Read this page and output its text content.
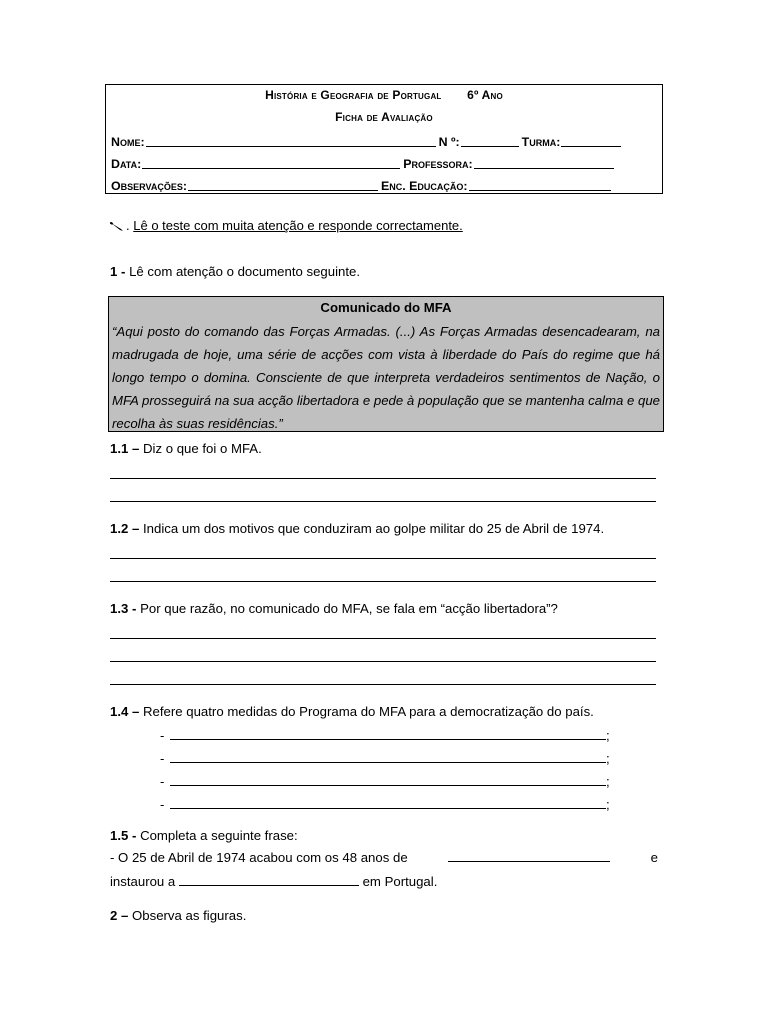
História e Geografia de Portugal 6º Ano
Ficha de Avaliação
Nome:	N º:	Turma:
Data:	Professora:
Observações:	Enc. Educação:
. Lê o teste com muita atenção e responde correctamente.
1 - Lê com atenção o documento seguinte.
Comunicado do MFA
“Aqui posto do comando das Forças Armadas. (...) As Forças Armadas desencadearam, na madrugada de hoje, uma série de acções com vista à liberdade do País do regime que há longo tempo o domina. Consciente de que interpreta verdadeiros sentimentos de Nação, o MFA prosseguirá na sua acção libertadora e pede à população que se mantenha calma e que recolha às suas residências.”
1.1 – Diz o que foi o MFA.
1.2 – Indica um dos motivos que conduziram ao golpe militar do 25 de Abril de 1974.
1.3 - Por que razão, no comunicado do MFA, se fala em “acção libertadora”?
1.4 – Refere quatro medidas do Programa do MFA para a democratização do país.
-	;
-	;
-	;
-	;
1.5 - Completa a seguinte frase:
- O 25 de Abril de 1974 acabou com os 48 anos de	e
instaurou a	em Portugal.
2 – Observa as figuras.
